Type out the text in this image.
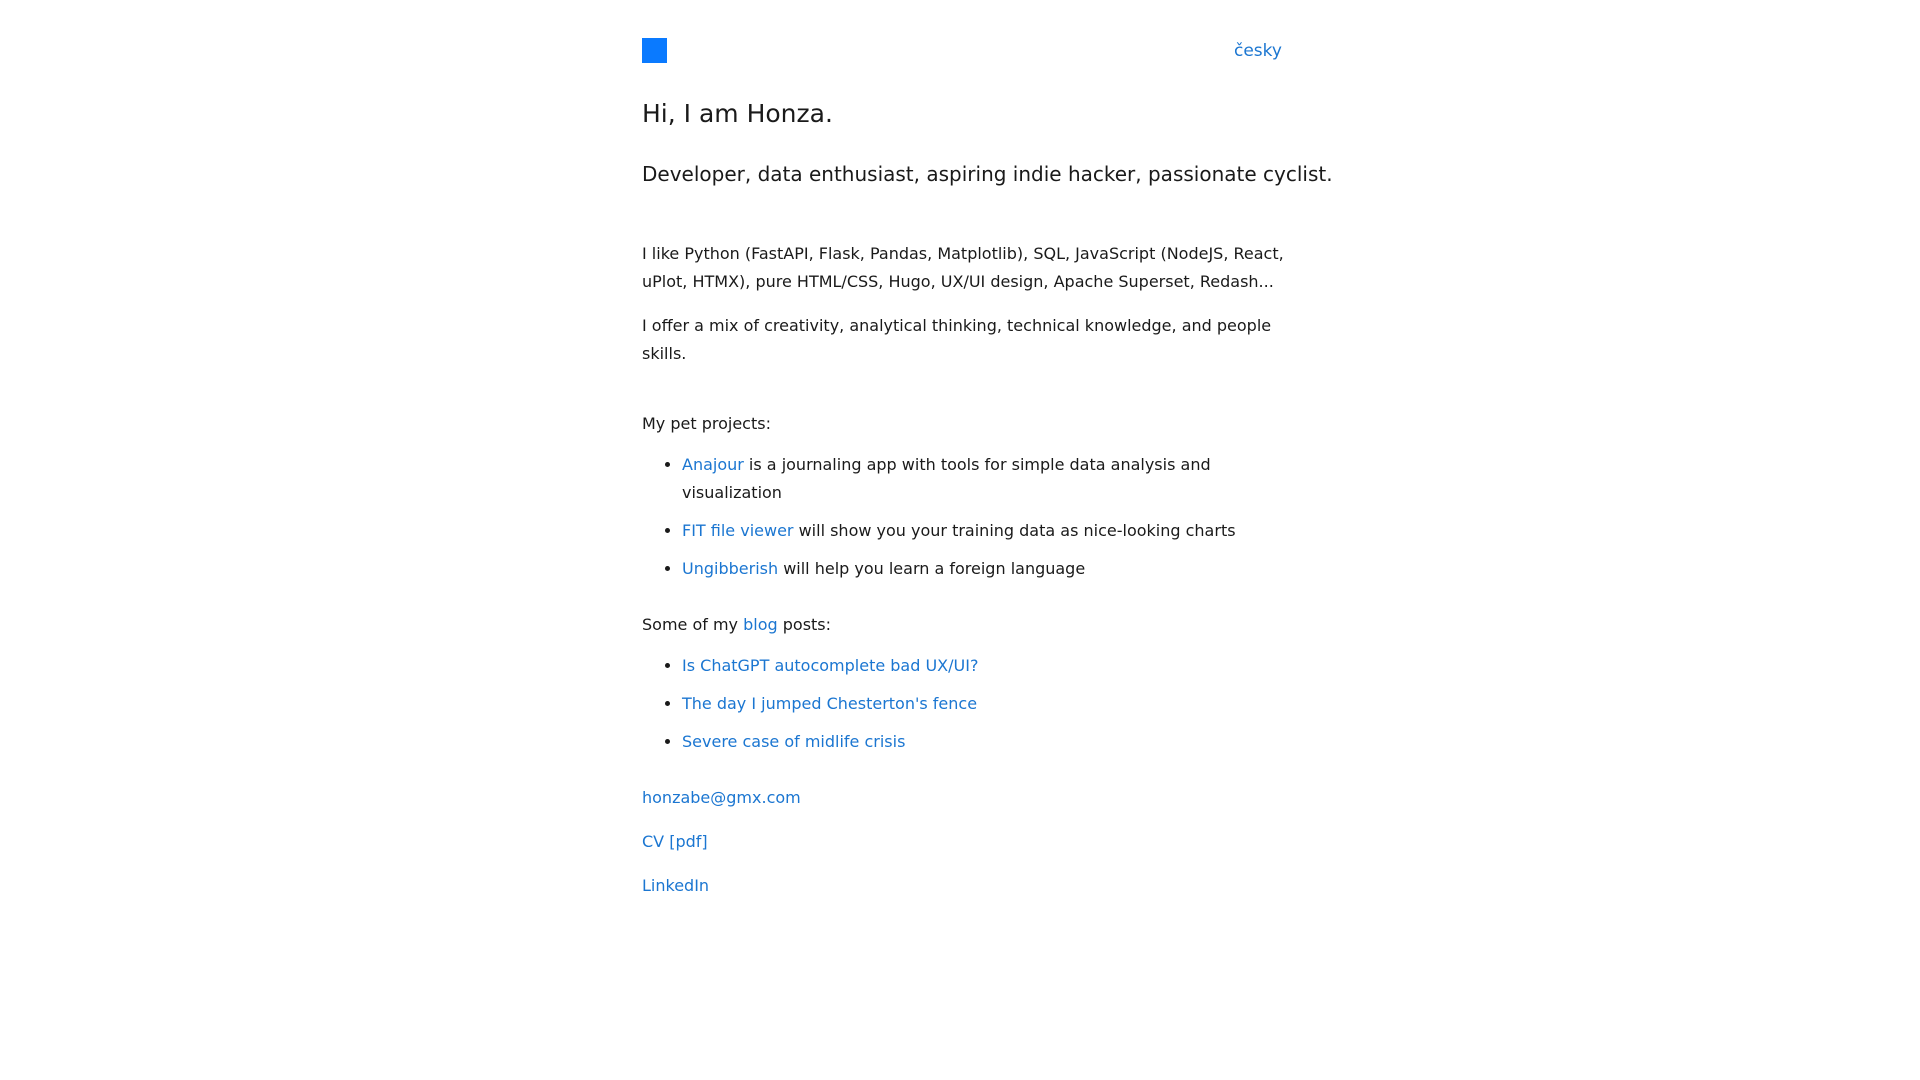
česky
Hi, I am Honza.

Developer, data enthusiast, aspiring indie hacker, passionate cyclist.

I like Python (FastAPI, Flask, Pandas, Matplotlib), SQL, JavaScript (NodeJS, React, uPlot, HTMX), pure HTML/CSS, Hugo, UX/UI design, Apache Superset, Redash...

I offer a mix of creativity, analytical thinking, technical knowledge, and people skills.

My pet projects:

• Anajour is a journaling app with tools for simple data analysis and visualization
• FIT file viewer will show you your training data as nice-looking charts
• Ungibberish will help you learn a foreign language

Some of my blog posts:

• Is ChatGPT autocomplete bad UX/UI?
• The day I jumped Chesterton's fence
• Severe case of midlife crisis

honzabe@gmx.com

CV [pdf]

LinkedIn
